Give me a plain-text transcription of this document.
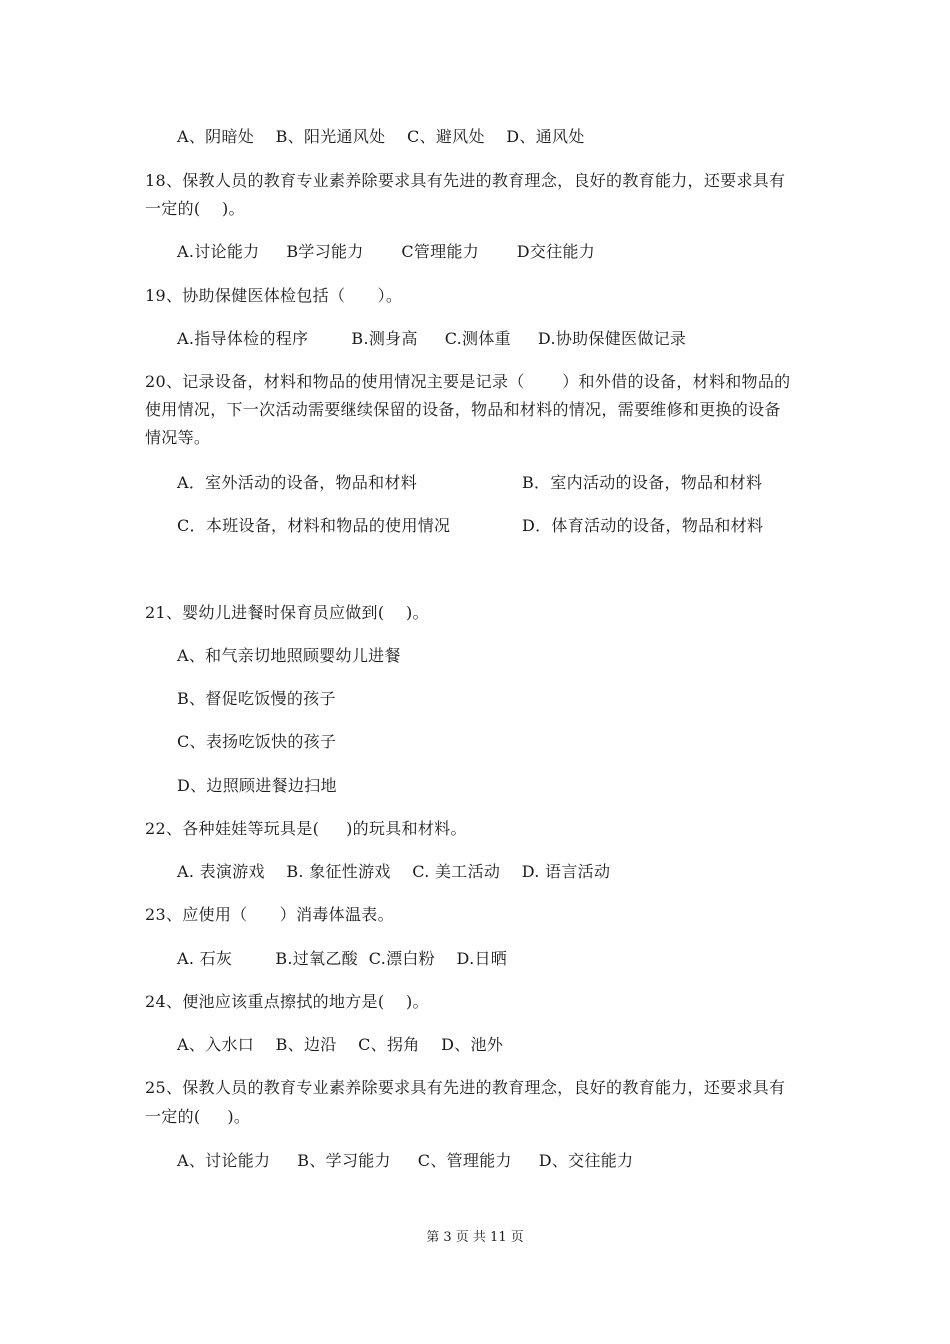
A、阴暗处    B、阳光通风处    C、避风处    D、通风处
18、保教人员的教育专业素养除要求具有先进的教育理念，良好的教育能力，还要求具有
一定的(    )。
A.讨论能力     B学习能力       C管理能力       D交往能力
19、协助保健医体检包括（      ）。
A.指导体检的程序        B.测身高     C.测体重     D.协助保健医做记录
20、记录设备，材料和物品的使用情况主要是记录（       ）和外借的设备，材料和物品的
使用情况，下一次活动需要继续保留的设备，物品和材料的情况，需要维修和更换的设备
情况等。
A．室外活动的设备，物品和材料	B．室内活动的设备，物品和材料
C．本班设备，材料和物品的使用情况	D．体育活动的设备，物品和材料
21、婴幼儿进餐时保育员应做到(    )。
A、和气亲切地照顾婴幼儿进餐
B、督促吃饭慢的孩子
C、表扬吃饭快的孩子
D、边照顾进餐边扫地
22、各种娃娃等玩具是(     )的玩具和材料。
A. 表演游戏    B. 象征性游戏    C. 美工活动    D. 语言活动
23、应使用（      ）消毒体温表。
A. 石灰        B.过氧乙酸  C.漂白粉    D.日晒
24、便池应该重点擦拭的地方是(    )。
A、入水口    B、边沿    C、拐角    D、池外
25、保教人员的教育专业素养除要求具有先进的教育理念，良好的教育能力，还要求具有
一定的(     )。
A、讨论能力     B、学习能力     C、管理能力     D、交往能力
第 3 页 共 11 页
